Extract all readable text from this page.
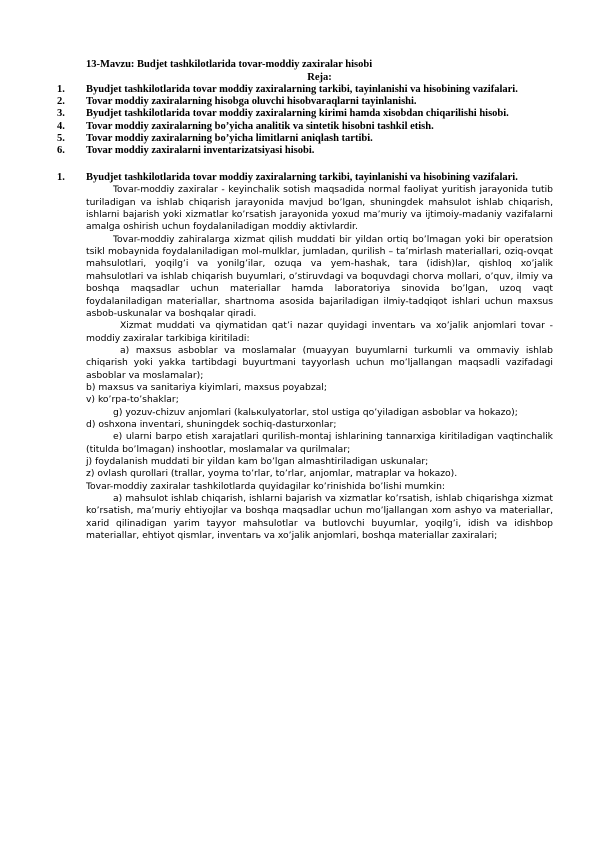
13-Mavzu: Budjet tashkilotlarida tovar-moddiy zaxiralar hisobi

Reja:

1.	Byudjet tashkilotlarida tovar moddiy zaxiralarning tarkibi, tayinlanishi va hisobining vazifalari.
2.	Tovar moddiy zaxiralarning hisobga oluvchi hisobvaraqlarni tayinlanishi.
3.	Byudjet tashkilotlarida tovar moddiy zaxiralarning kirimi hamda xisobdan chiqarilishi hisobi.
4.	Tovar moddiy zaxiralarning bo’yicha analitik va sintetik hisobni tashkil etish.
5.	Tovar moddiy zaxiralarning bo’yicha limitlarni aniqlash tartibi.
6.	Tovar moddiy zaxiralarni inventarizatsiyasi hisobi.
1.	Byudjet tashkilotlarida tovar moddiy zaxiralarning tarkibi, tayinlanishi va hisobining vazifalari.

Tovar-moddiy zaxiralar - keyinchalik sotish maqsadida normal faoliyat yuritish jarayonida tutib turiladigan va ishlab chiqarish jarayonida mavjud bo’lgan, shuningdek mahsulot ishlab chiqarish, ishlarni bajarish yoki xizmatlar ko’rsatish jarayonida yoxud ma’muriy va ijtimoiy-madaniy vazifalarni amalga oshirish uchun foydalaniladigan moddiy aktivlardir.

Tovar-moddiy zahiralarga xizmat qilish muddati bir yildan ortiq bo’lmagan yoki bir operatsion tsikl mobaynida foydalaniladigan mol-mulklar, jumladan, qurilish – ta’mirlash materiallari, oziq-ovqat mahsulotlari, yoqilg’i va yonilg’ilar, ozuqa va yem-hashak, tara (idish)lar, qishloq xo’jalik mahsulotlari va ishlab chiqarish buyumlari, o’stiruvdagi va boquvdagi chorva mollari, o’quv, ilmiy va boshqa maqsadlar uchun materiallar hamda laboratoriya sinovida bo’lgan, uzoq vaqt foydalaniladigan materiallar, shartnoma asosida bajariladigan ilmiy-tadqiqot ishlari uchun maxsus asbob-uskunalar va boshqalar qiradi.

Xizmat muddati va qiymatidan qat’i nazar quyidagi inventarь va xo’jalik anjomlari tovar - moddiy zaxiralar tarkibiga kiritiladi:

a) maxsus asboblar va moslamalar (muayyan buyumlarni turkumli va ommaviy ishlab chiqarish yoki yakka tartibdagi buyurtmani tayyorlash uchun mo’ljallangan maqsadli vazifadagi asboblar va moslamalar);

b) maxsus va sanitariya kiyimlari, maxsus poyabzal;

v) ko’rpa-to’shaklar;

g) yozuv-chizuv anjomlari (kalькulyatorlar, stol ustiga qo’yiladigan asboblar va hokazo);

d) oshxona inventari, shuningdek sochiq-dasturxonlar;

e) ularni barpo etish xarajatlari qurilish-montaj ishlarining tannarxiga kiritiladigan vaqtinchalik (titulda bo’lmagan) inshootlar, moslamalar va qurilmalar;

j) foydalanish muddati bir yildan kam bo’lgan almashtiriladigan uskunalar;

z) ovlash qurollari (trallar, yoyma to’rlar, to’rlar, anjomlar, matraplar va hokazo).

Tovar-moddiy zaxiralar tashkilotlarda quyidagilar ko’rinishida bo’lishi mumkin:

a) mahsulot ishlab chiqarish, ishlarni bajarish va xizmatlar ko’rsatish, ishlab chiqarishga xizmat ko’rsatish, ma’muriy ehtiyojlar va boshqa maqsadlar uchun mo’ljallangan xom ashyo va materiallar, xarid qilinadigan yarim tayyor mahsulotlar va butlovchi buyumlar, yoqilg’i, idish va idishbop materiallar, ehtiyot qismlar, inventarь va xo’jalik anjomlari, boshqa materiallar zaxiralari;
